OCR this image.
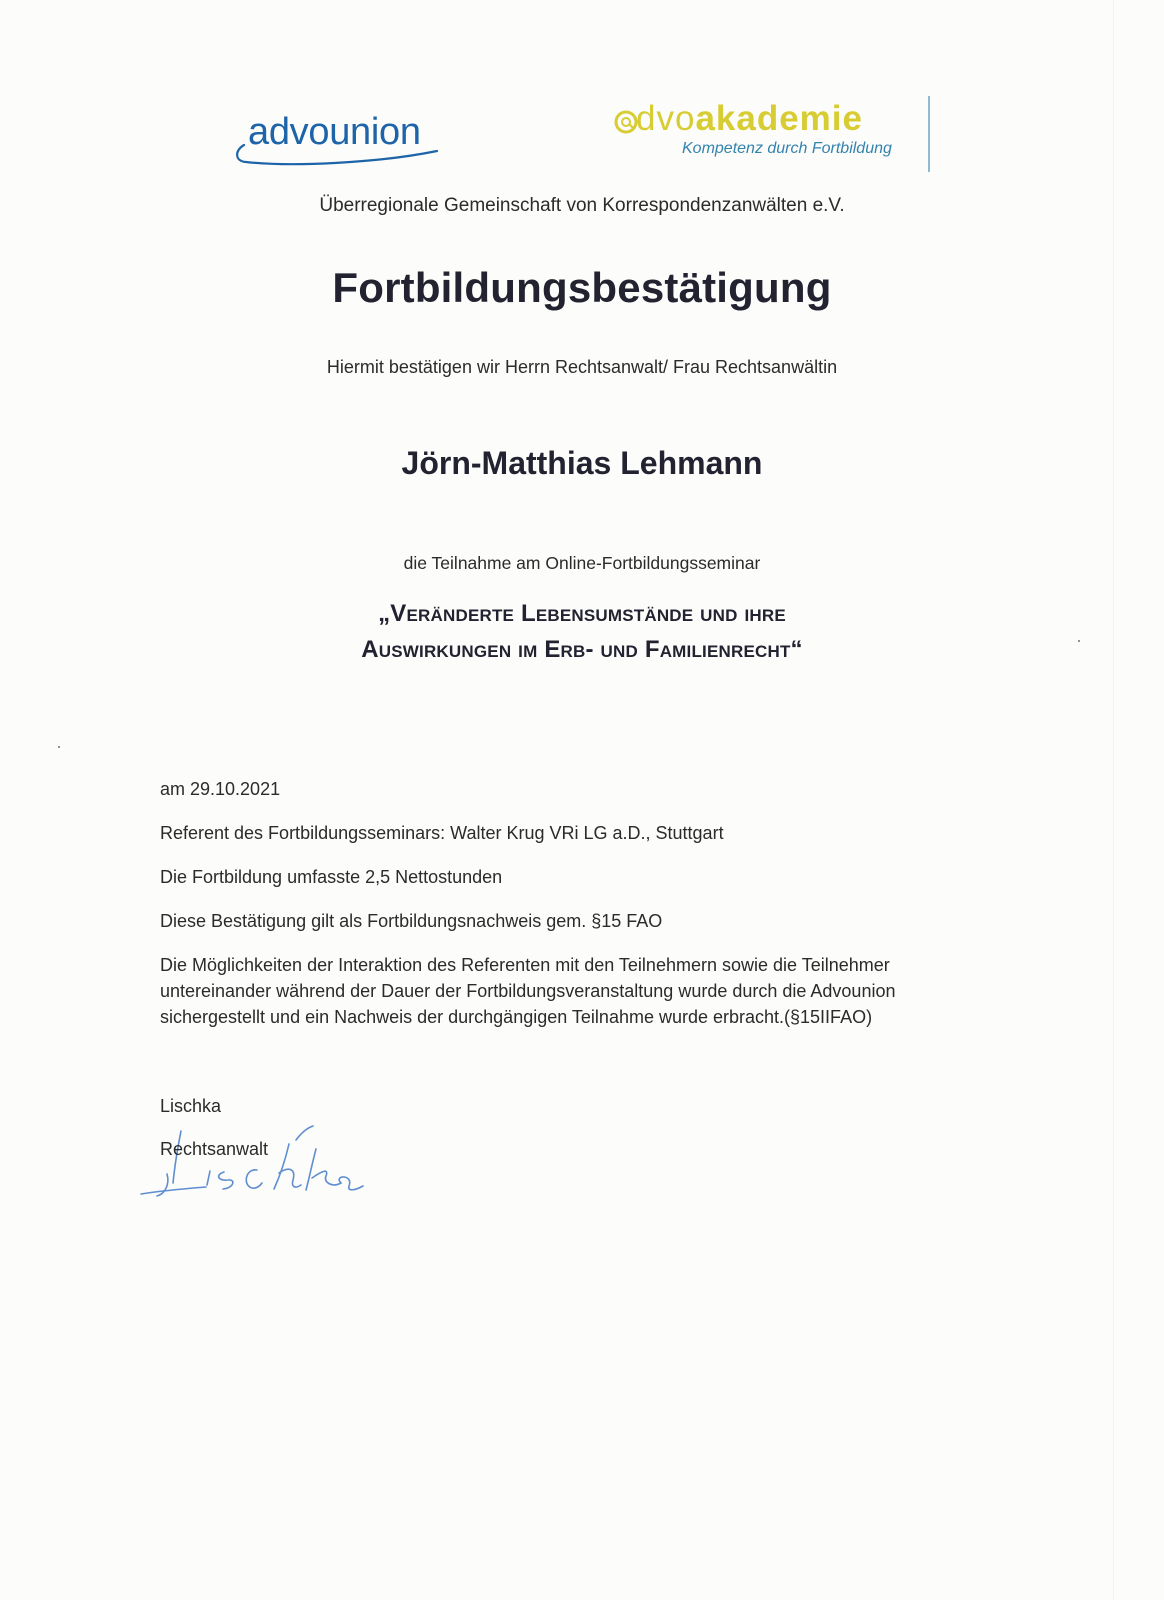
advounion	dvoakademie
Kompetenz durch Fortbildung
Überregionale Gemeinschaft von Korrespondenzanwälten e.V.
Fortbildungsbestätigung
Hiermit bestätigen wir Herrn Rechtsanwalt/ Frau Rechtsanwältin
Jörn-Matthias Lehmann
die Teilnahme am Online-Fortbildungsseminar
„Veränderte Lebensumstände und ihre
Auswirkungen im Erb- und Familienrecht“

am 29.10.2021

Referent des Fortbildungsseminars: Walter Krug VRi LG a.D., Stuttgart

Die Fortbildung umfasste 2,5 Nettostunden

Diese Bestätigung gilt als Fortbildungsnachweis gem. §15 FAO

Die Möglichkeiten der Interaktion des Referenten mit den Teilnehmern sowie die Teilnehmer untereinander während der Dauer der Fortbildungsveranstaltung wurde durch die Advounion sichergestellt und ein Nachweis der durchgängigen Teilnahme wurde erbracht.(§15IIFAO)

Lischka
Rechtsanwalt
